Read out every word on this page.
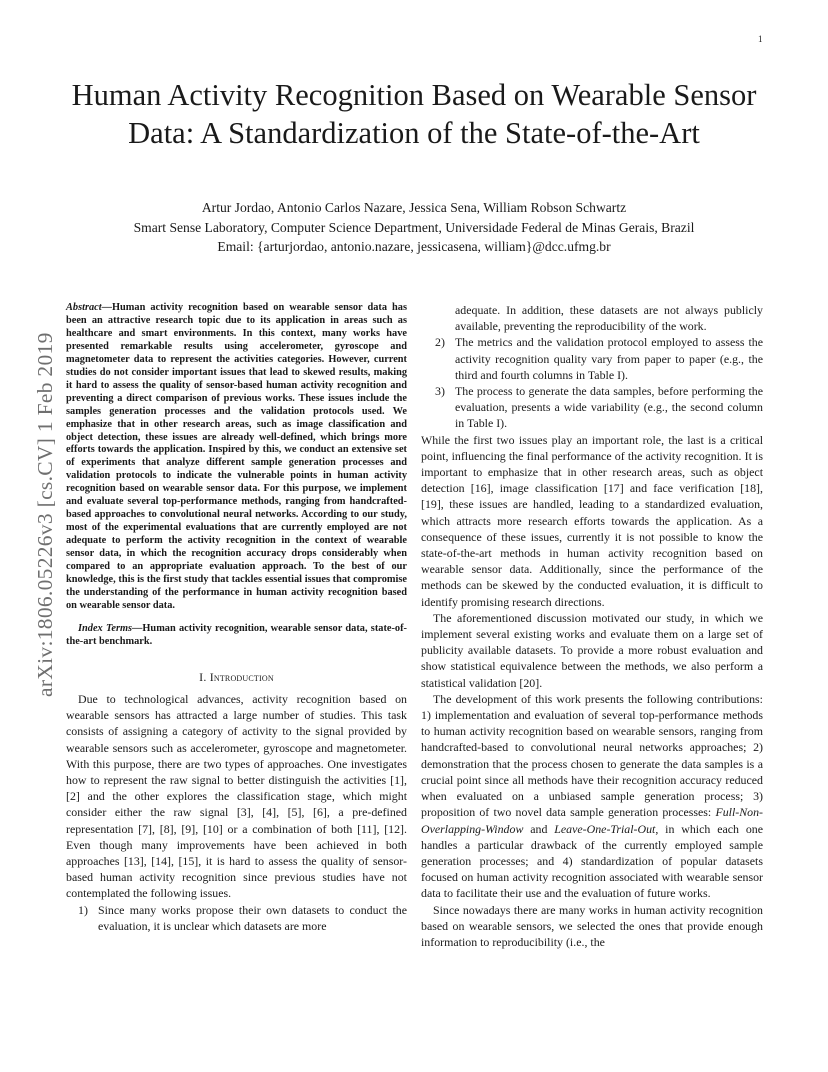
1
Human Activity Recognition Based on Wearable Sensor Data: A Standardization of the State-of-the-Art
Artur Jordao, Antonio Carlos Nazare, Jessica Sena, William Robson Schwartz
Smart Sense Laboratory, Computer Science Department, Universidade Federal de Minas Gerais, Brazil
Email: {arturjordao, antonio.nazare, jessicasena, william}@dcc.ufmg.br
arXiv:1806.05226v3 [cs.CV] 1 Feb 2019
Abstract—Human activity recognition based on wearable sensor data has been an attractive research topic due to its application in areas such as healthcare and smart environments. In this context, many works have presented remarkable results using accelerometer, gyroscope and magnetometer data to represent the activities categories. However, current studies do not consider important issues that lead to skewed results, making it hard to assess the quality of sensor-based human activity recognition and preventing a direct comparison of previous works. These issues include the samples generation processes and the validation protocols used. We emphasize that in other research areas, such as image classification and object detection, these issues are already well-defined, which brings more efforts towards the application. Inspired by this, we conduct an extensive set of experiments that analyze different sample generation processes and validation protocols to indicate the vulnerable points in human activity recognition based on wearable sensor data. For this purpose, we implement and evaluate several top-performance methods, ranging from handcrafted-based approaches to convolutional neural networks. According to our study, most of the experimental evaluations that are currently employed are not adequate to perform the activity recognition in the context of wearable sensor data, in which the recognition accuracy drops considerably when compared to an appropriate evaluation approach. To the best of our knowledge, this is the first study that tackles essential issues that compromise the understanding of the performance in human activity recognition based on wearable sensor data.
Index Terms—Human activity recognition, wearable sensor data, state-of-the-art benchmark.
I. Introduction

Due to technological advances, activity recognition based on wearable sensors has attracted a large number of studies. This task consists of assigning a category of activity to the signal provided by wearable sensors such as accelerometer, gyroscope and magnetometer. With this purpose, there are two types of approaches. One investigates how to represent the raw signal to better distinguish the activities [1], [2] and the other explores the classification stage, which might consider either the raw signal [3], [4], [5], [6], a pre-defined representation [7], [8], [9], [10] or a combination of both [11], [12]. Even though many improvements have been achieved in both approaches [13], [14], [15], it is hard to assess the quality of sensor-based human activity recognition since previous studies have not contemplated the following issues.

1) Since many works propose their own datasets to conduct the evaluation, it is unclear which datasets are more
adequate. In addition, these datasets are not always publicly available, preventing the reproducibility of the work.
2) The metrics and the validation protocol employed to assess the activity recognition quality vary from paper to paper (e.g., the third and fourth columns in Table I).
3) The process to generate the data samples, before performing the evaluation, presents a wide variability (e.g., the second column in Table I).

While the first two issues play an important role, the last is a critical point, influencing the final performance of the activity recognition. It is important to emphasize that in other research areas, such as object detection [16], image classification [17] and face verification [18], [19], these issues are handled, leading to a standardized evaluation, which attracts more research efforts towards the application. As a consequence of these issues, currently it is not possible to know the state-of-the-art methods in human activity recognition based on wearable sensor data. Additionally, since the performance of the methods can be skewed by the conducted evaluation, it is difficult to identify promising research directions.

The aforementioned discussion motivated our study, in which we implement several existing works and evaluate them on a large set of publicity available datasets. To provide a more robust evaluation and show statistical equivalence between the methods, we also perform a statistical validation [20].

The development of this work presents the following contributions: 1) implementation and evaluation of several top-performance methods to human activity recognition based on wearable sensors, ranging from handcrafted-based to convolutional neural networks approaches; 2) demonstration that the process chosen to generate the data samples is a crucial point since all methods have their recognition accuracy reduced when evaluated on a unbiased sample generation process; 3) proposition of two novel data sample generation processes: Full-Non-Overlapping-Window and Leave-One-Trial-Out, in which each one handles a particular drawback of the currently employed sample generation processes; and 4) standardization of popular datasets focused on human activity recognition associated with wearable sensor data to facilitate their use and the evaluation of future works.

Since nowadays there are many works in human activity recognition based on wearable sensors, we selected the ones that provide enough information to reproducibility (i.e., the
